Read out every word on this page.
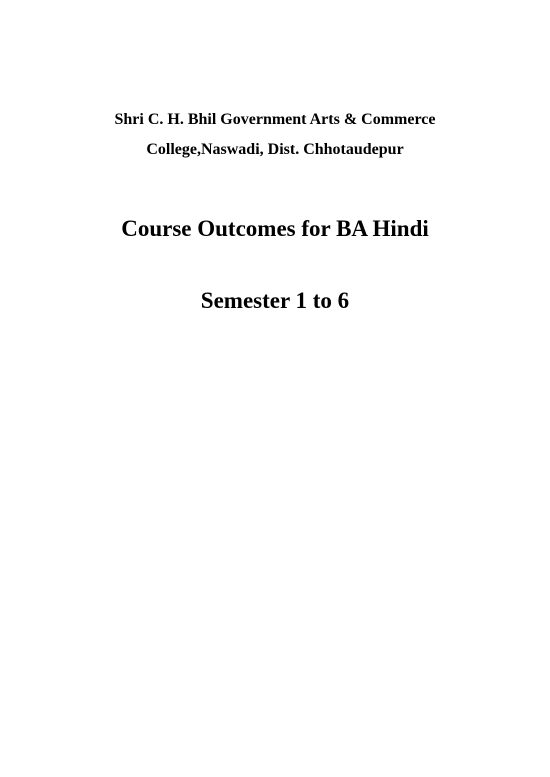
Shri C. H. Bhil Government Arts & Commerce
College,Naswadi, Dist. Chhotaudepur
Course Outcomes for BA Hindi
Semester 1 to 6
